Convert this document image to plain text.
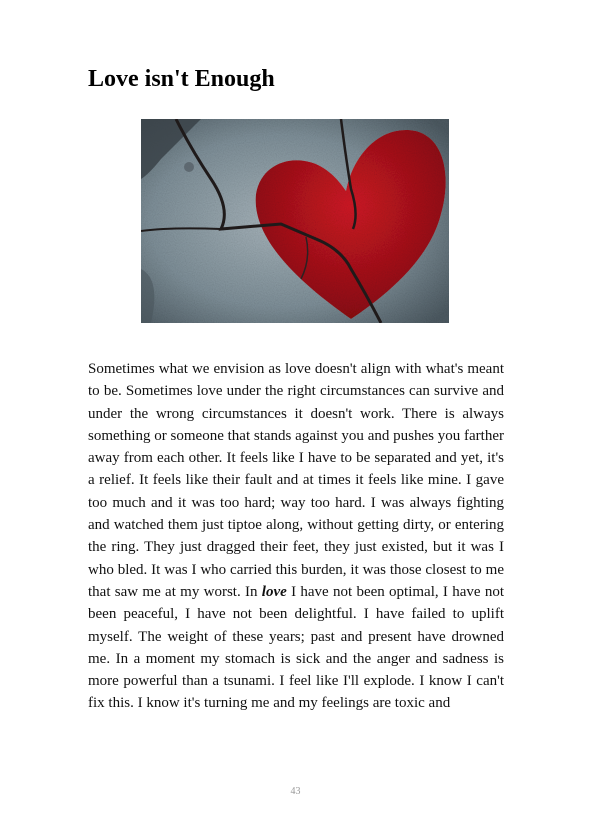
Love isn't Enough

Sometimes what we envision as love doesn't align with what's meant to be. Sometimes love under the right circumstances can survive and under the wrong circumstances it doesn't work. There is always something or someone that stands against you and pushes you farther away from each other. It feels like I have to be separated and yet, it's a relief. It feels like their fault and at times it feels like mine. I gave too much and it was too hard; way too hard. I was always fighting and watched them just tiptoe along, without getting dirty, or entering the ring. They just dragged their feet, they just existed, but it was I who bled. It was I who carried this burden, it was those closest to me that saw me at my worst. In love I have not been optimal, I have not been peaceful, I have not been delightful. I have failed to uplift myself. The weight of these years; past and present have drowned me. In a moment my stomach is sick and the anger and sadness is more powerful than a tsunami. I feel like I'll explode. I know I can't fix this. I know it's turning me and my feelings are toxic and

43
